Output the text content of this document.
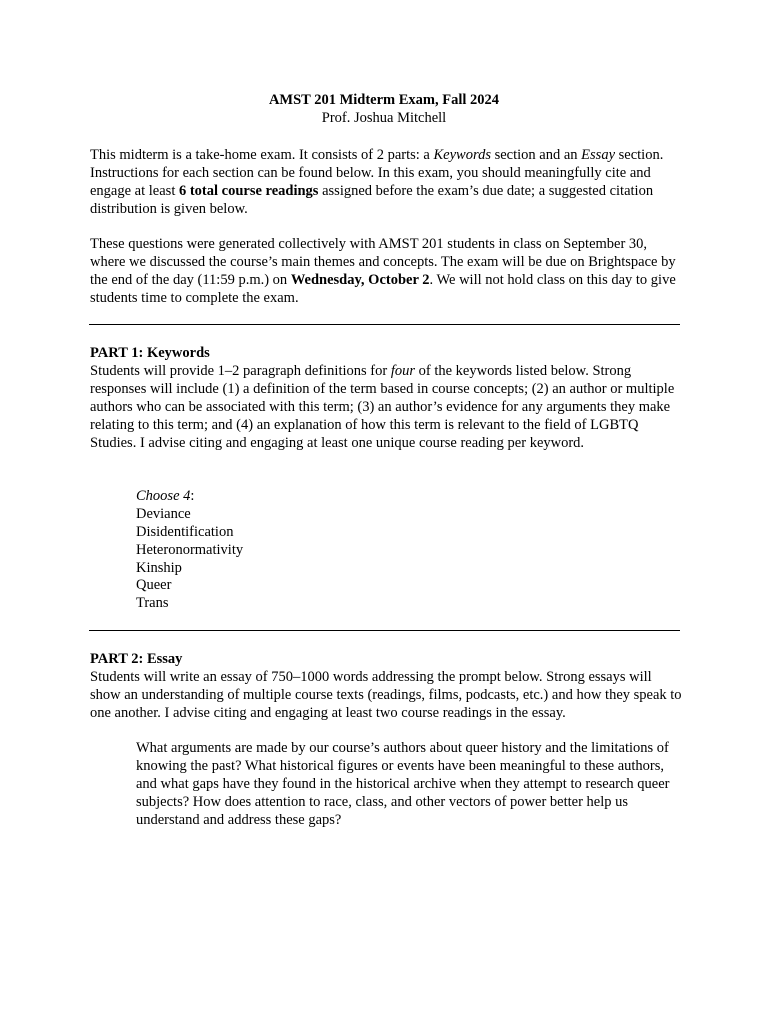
AMST 201 Midterm Exam, Fall 2024
Prof. Joshua Mitchell
This midterm is a take-home exam. It consists of 2 parts: a Keywords section and an Essay section. Instructions for each section can be found below. In this exam, you should meaningfully cite and engage at least 6 total course readings assigned before the exam’s due date; a suggested citation distribution is given below.
These questions were generated collectively with AMST 201 students in class on September 30, where we discussed the course’s main themes and concepts. The exam will be due on Brightspace by the end of the day (11:59 p.m.) on Wednesday, October 2. We will not hold class on this day to give students time to complete the exam.
PART 1: Keywords
Students will provide 1–2 paragraph definitions for four of the keywords listed below. Strong responses will include (1) a definition of the term based in course concepts; (2) an author or multiple authors who can be associated with this term; (3) an author’s evidence for any arguments they make relating to this term; and (4) an explanation of how this term is relevant to the field of LGBTQ Studies. I advise citing and engaging at least one unique course reading per keyword.
Choose 4:
Deviance
Disidentification
Heteronormativity
Kinship
Queer
Trans
PART 2: Essay
Students will write an essay of 750–1000 words addressing the prompt below. Strong essays will show an understanding of multiple course texts (readings, films, podcasts, etc.) and how they speak to one another. I advise citing and engaging at least two course readings in the essay.
What arguments are made by our course’s authors about queer history and the limitations of knowing the past? What historical figures or events have been meaningful to these authors, and what gaps have they found in the historical archive when they attempt to research queer subjects? How does attention to race, class, and other vectors of power better help us understand and address these gaps?
